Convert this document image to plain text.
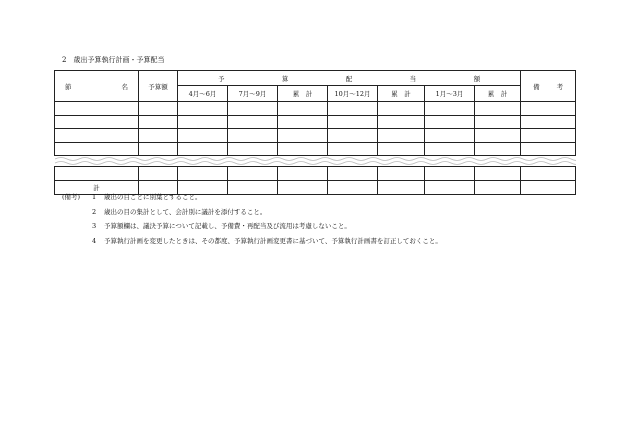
2　歳出予算執行計画・予算配当
節 名	予算額	予 算 配 当 額							備 考

		4月～6月	7月～9月	累　計	10月～12月	累　計	1月～3月	累　計	

計									
(備考)	1	歳出の目ごとに別葉とすること。
2	歳出の目の集計として、会計別に議計を添付すること。
3	予算額欄は、議決予算について記載し、予備費・再配当及び流用は考慮しないこと。
4	予算執行計画を変更したときは、その都度、予算執行計画変更書に基づいて、予算執行計画書を訂正しておくこと。
